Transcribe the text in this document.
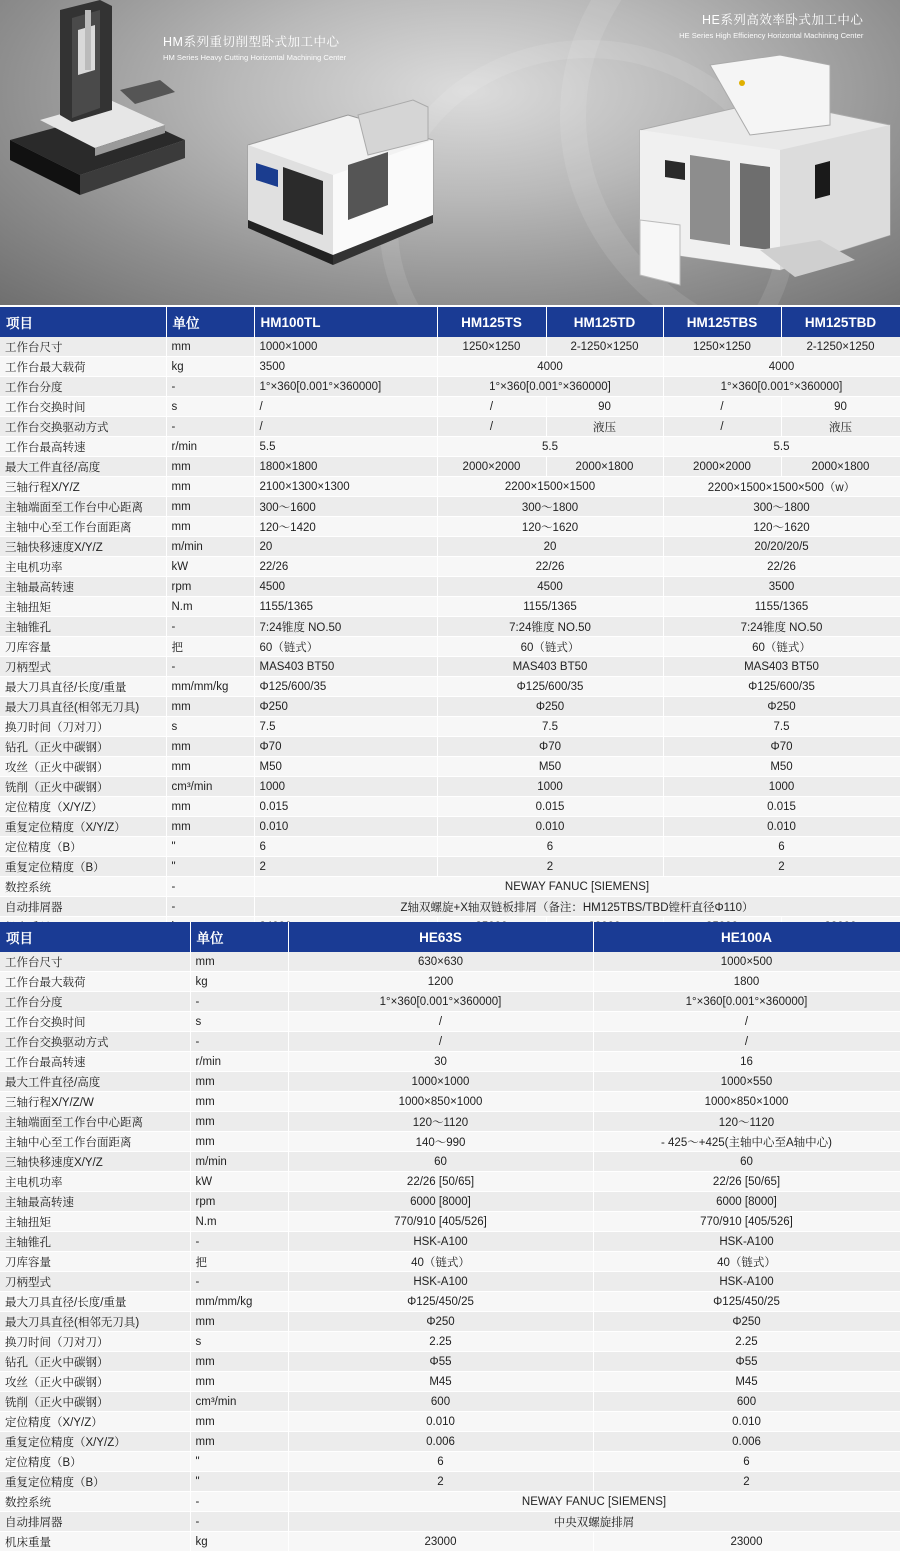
HM系列重切削型卧式加工中心
HM Series Heavy Cutting Horizontal Machining Center
HE系列高效率卧式加工中心
HE Series High Efficiency Horizontal Machining Center
项目	单位	HM100TL	HM125TS	HM125TD	HM125TBS	HM125TBD
工作台尺寸	mm	1000×1000	1250×1250	2-1250×1250	1250×1250	2-1250×1250
工作台最大载荷	kg	3500	4000		4000	
工作台分度	-	1°×360[0.001°×360000]	1°×360[0.001°×360000]		1°×360[0.001°×360000]	
工作台交换时间	s	/	/	90	/	90
工作台交换驱动方式	-	/	/	液压	/	液压
工作台最高转速	r/min	5.5	5.5		5.5	
最大工件直径/高度	mm	1800×1800	2000×2000	2000×1800	2000×2000	2000×1800
三轴行程X/Y/Z	mm	2100×1300×1300	2200×1500×1500		2200×1500×1500×500（w）	
主轴端面至工作台中心距离	mm	300～1600	300～1800		300～1800	
主轴中心至工作台面距离	mm	120～1420	120～1620		120～1620	
三轴快移速度X/Y/Z	m/min	20	20		20/20/20/5	
主电机功率	kW	22/26	22/26		22/26	
主轴最高转速	rpm	4500	4500		3500	
主轴扭矩	N.m	1155/1365	1155/1365		1155/1365	
主轴锥孔	-	7:24锥度 NO.50	7:24锥度 NO.50		7:24锥度 NO.50	
刀库容量	把	60（链式）	60（链式）		60（链式）	
刀柄型式	-	MAS403 BT50	MAS403 BT50		MAS403 BT50	
最大刀具直径/长度/重量	mm/mm/kg	Φ125/600/35	Φ125/600/35		Φ125/600/35	
最大刀具直径(相邻无刀具)	mm	Φ250	Φ250		Φ250	
换刀时间（刀对刀）	s	7.5	7.5		7.5	
钻孔（正火中碳钢）	mm	Φ70	Φ70		Φ70	
攻丝（正火中碳钢）	mm	M50	M50		M50	
铣削（正火中碳钢）	cm³/min	1000	1000		1000	
定位精度（X/Y/Z）	mm	0.015	0.015		0.015	
重复定位精度（X/Y/Z）	mm	0.010	0.010		0.010	
定位精度（B）	"	6	6		6	
重复定位精度（B）	"	2	2		2	
数控系统	-	NEWAY FANUC [SIEMENS]				
自动排屑器	-	Z轴双螺旋+X轴双链板排屑（备注：HM125TBS/TBD镗杆直径Φ110）				

项目	单位	HE63S	HE100A
工作台尺寸	mm	630×630	1000×500
工作台最大载荷	kg	1200	1800
工作台分度	-	1°×360[0.001°×360000]	1°×360[0.001°×360000]
工作台交换时间	s	/	/
工作台交换驱动方式	-	/	/
工作台最高转速	r/min	30	16
最大工件直径/高度	mm	1000×1000	1000×550
三轴行程X/Y/Z/W	mm	1000×850×1000	1000×850×1000
主轴端面至工作台中心距离	mm	120～1120	120～1120
主轴中心至工作台面距离	mm	140～990	- 425～+425(主轴中心至A轴中心)
三轴快移速度X/Y/Z	m/min	60	60
主电机功率	kW	22/26 [50/65]	22/26 [50/65]
主轴最高转速	rpm	6000 [8000]	6000 [8000]
主轴扭矩	N.m	770/910 [405/526]	770/910 [405/526]
主轴锥孔	-	HSK-A100	HSK-A100
刀库容量	把	40（链式）	40（链式）
刀柄型式	-	HSK-A100	HSK-A100
最大刀具直径/长度/重量	mm/mm/kg	Φ125/450/25	Φ125/450/25
最大刀具直径(相邻无刀具)	mm	Φ250	Φ250
换刀时间（刀对刀）	s	2.25	2.25
钻孔（正火中碳钢）	mm	Φ55	Φ55
攻丝（正火中碳钢）	mm	M45	M45
铣削（正火中碳钢）	cm³/min	600	600
定位精度（X/Y/Z）	mm	0.010	0.010
重复定位精度（X/Y/Z）	mm	0.006	0.006
定位精度（B）	"	6	6
重复定位精度（B）	"	2	2
数控系统	-	NEWAY FANUC [SIEMENS]	
自动排屑器	-	中央双螺旋排屑	
机床重量	kg	23000	23000
